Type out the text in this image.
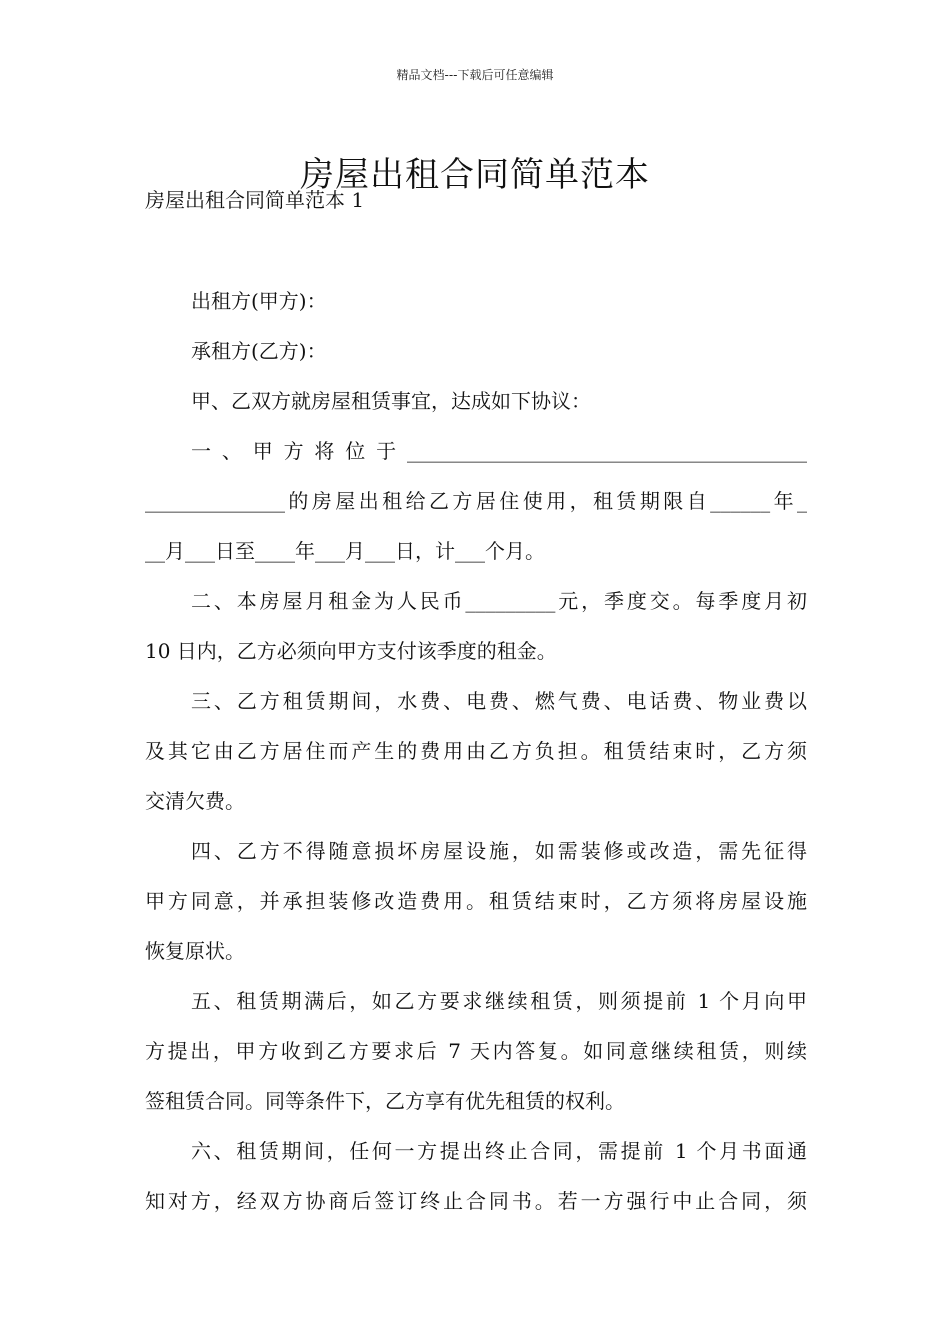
精品文档---下载后可任意编辑
房屋出租合同简单范本
房屋出租合同简单范本 1
出租方(甲方)：
承租方(乙方)：
甲、乙双方就房屋租赁事宜，达成如下协议：
一、甲方将位于________________________________________
______________的房屋出租给乙方居住使用，租赁期限自______年_
__月___日至____年___月___日，计___个月。
二、本房屋月租金为人民币_________元，季度交。每季度月初
10 日内，乙方必须向甲方支付该季度的租金。
三、乙方租赁期间，水费、电费、燃气费、电话费、物业费以
及其它由乙方居住而产生的费用由乙方负担。租赁结束时，乙方须
交清欠费。
四、乙方不得随意损坏房屋设施，如需装修或改造，需先征得
甲方同意，并承担装修改造费用。租赁结束时，乙方须将房屋设施
恢复原状。
五、租赁期满后，如乙方要求继续租赁，则须提前 1 个月向甲
方提出，甲方收到乙方要求后 7 天内答复。如同意继续租赁，则续
签租赁合同。同等条件下，乙方享有优先租赁的权利。
六、租赁期间，任何一方提出终止合同，需提前 1 个月书面通
知对方，经双方协商后签订终止合同书。若一方强行中止合同，须
